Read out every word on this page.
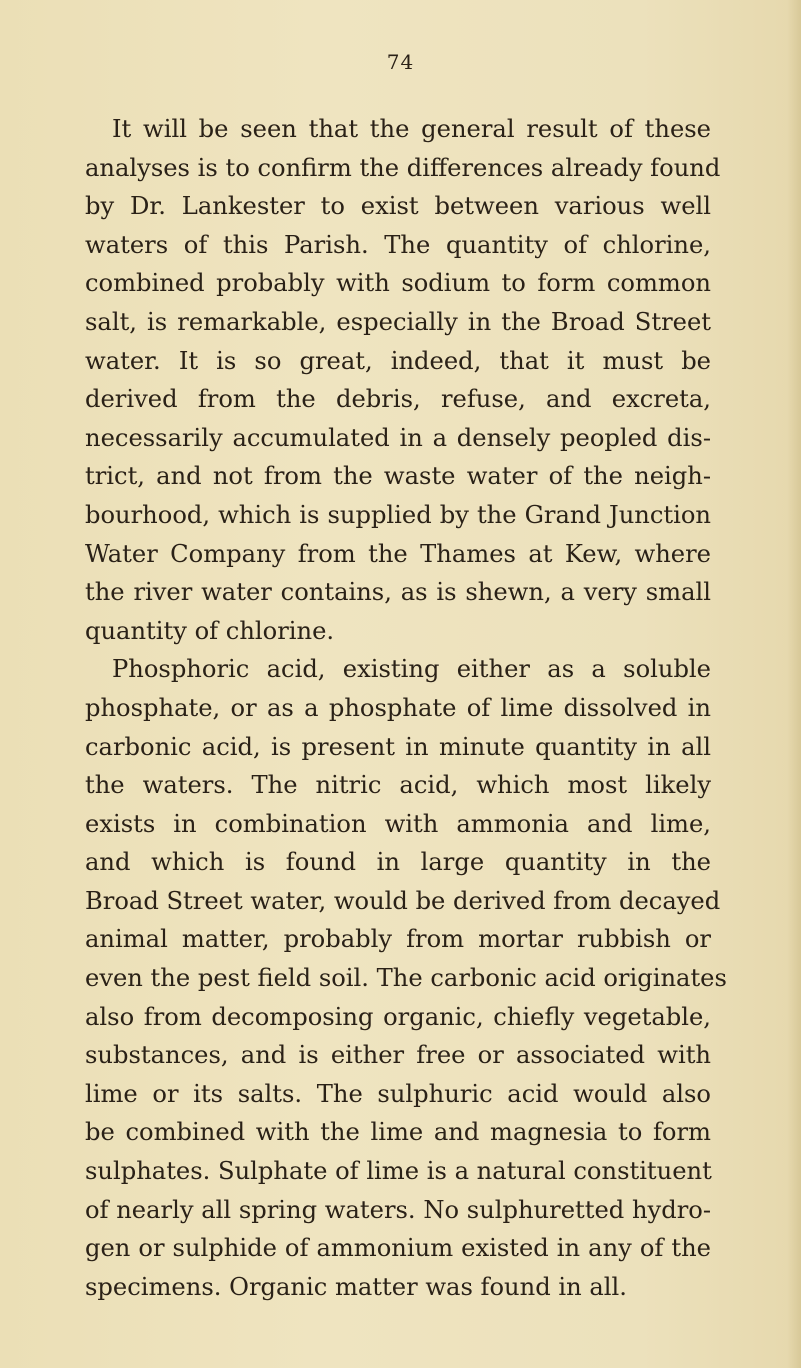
74
It will be seen that the general result of these
analyses is to confirm the differences already found
by Dr. Lankester to exist between various well
waters of this Parish. The quantity of chlorine,
combined probably with sodium to form common
salt, is remarkable, especially in the Broad Street
water. It is so great, indeed, that it must be
derived from the debris, refuse, and excreta,
necessarily accumulated in a densely peopled dis-
trict, and not from the waste water of the neigh-
bourhood, which is supplied by the Grand Junction
Water Company from the Thames at Kew, where
the river water contains, as is shewn, a very small
quantity of chlorine.
Phosphoric acid, existing either as a soluble
phosphate, or as a phosphate of lime dissolved in
carbonic acid, is present in minute quantity in all
the waters. The nitric acid, which most likely
exists in combination with ammonia and lime,
and which is found in large quantity in the
Broad Street water, would be derived from decayed
animal matter, probably from mortar rubbish or
even the pest field soil. The carbonic acid originates
also from decomposing organic, chiefly vegetable,
substances, and is either free or associated with
lime or its salts. The sulphuric acid would also
be combined with the lime and magnesia to form
sulphates. Sulphate of lime is a natural constituent
of nearly all spring waters. No sulphuretted hydro-
gen or sulphide of ammonium existed in any of the
specimens. Organic matter was found in all.
